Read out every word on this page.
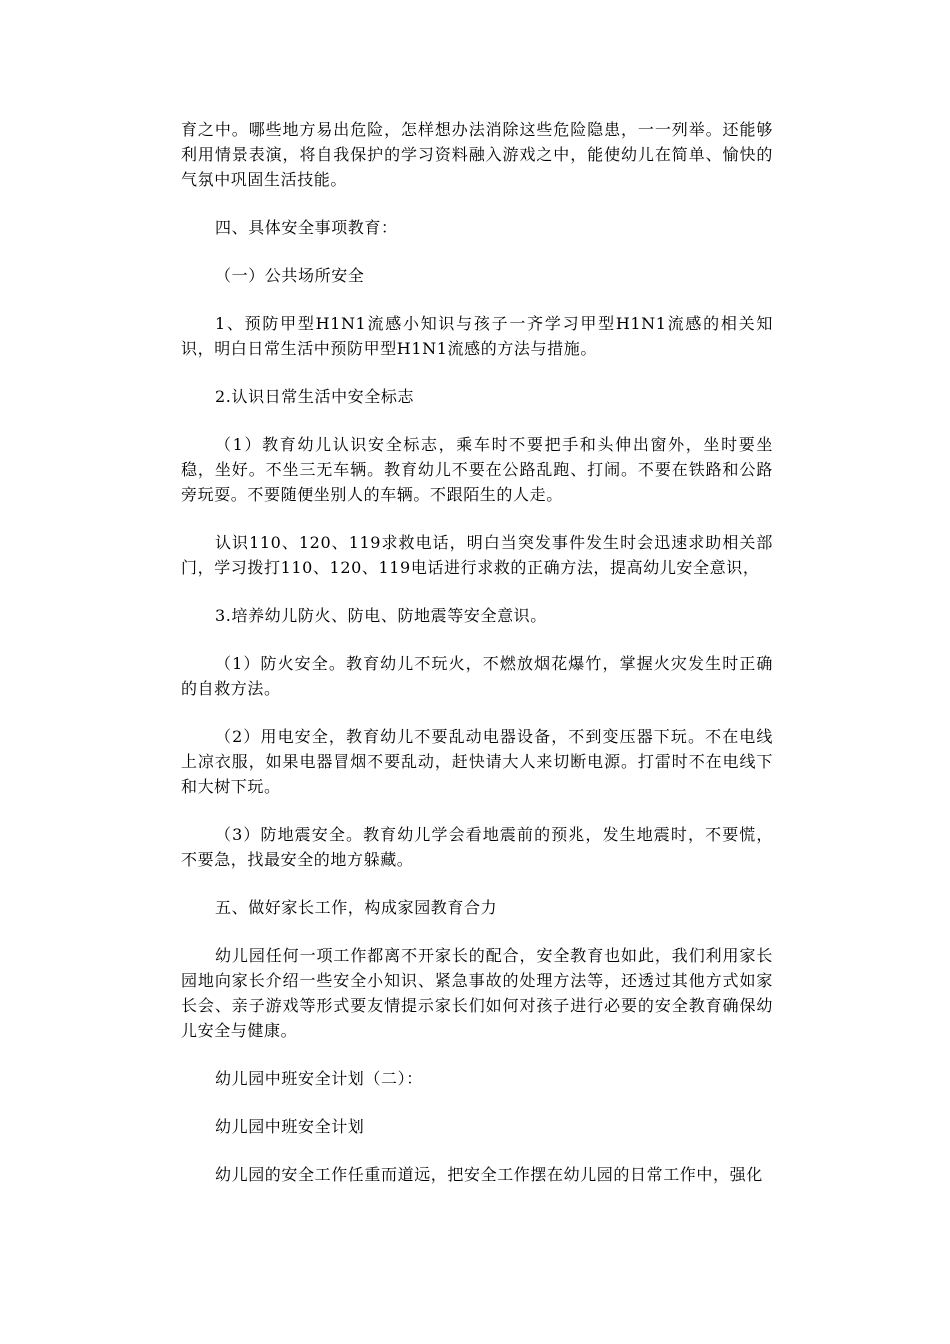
育之中。哪些地方易出危险，怎样想办法消除这些危险隐患，一一列举。还能够利用情景表演，将自我保护的学习资料融入游戏之中，能使幼儿在简单、愉快的气氛中巩固生活技能。

四、具体安全事项教育：

（一）公共场所安全

1、预防甲型H1N1流感小知识与孩子一齐学习甲型H1N1流感的相关知识，明白日常生活中预防甲型H1N1流感的方法与措施。

2.认识日常生活中安全标志

（1）教育幼儿认识安全标志，乘车时不要把手和头伸出窗外，坐时要坐稳，坐好。不坐三无车辆。教育幼儿不要在公路乱跑、打闹。不要在铁路和公路旁玩耍。不要随便坐别人的车辆。不跟陌生的人走。

认识110、120、119求救电话，明白当突发事件发生时会迅速求助相关部门，学习拨打110、120、119电话进行求救的正确方法，提高幼儿安全意识，

3.培养幼儿防火、防电、防地震等安全意识。

（1）防火安全。教育幼儿不玩火，不燃放烟花爆竹，掌握火灾发生时正确的自救方法。

（2）用电安全，教育幼儿不要乱动电器设备，不到变压器下玩。不在电线上凉衣服，如果电器冒烟不要乱动，赶快请大人来切断电源。打雷时不在电线下和大树下玩。

（3）防地震安全。教育幼儿学会看地震前的预兆，发生地震时，不要慌，不要急，找最安全的地方躲藏。

五、做好家长工作，构成家园教育合力

幼儿园任何一项工作都离不开家长的配合，安全教育也如此，我们利用家长园地向家长介绍一些安全小知识、紧急事故的处理方法等，还透过其他方式如家长会、亲子游戏等形式要友情提示家长们如何对孩子进行必要的安全教育确保幼儿安全与健康。

幼儿园中班安全计划（二）：

幼儿园中班安全计划

幼儿园的安全工作任重而道远，把安全工作摆在幼儿园的日常工作中，强化
